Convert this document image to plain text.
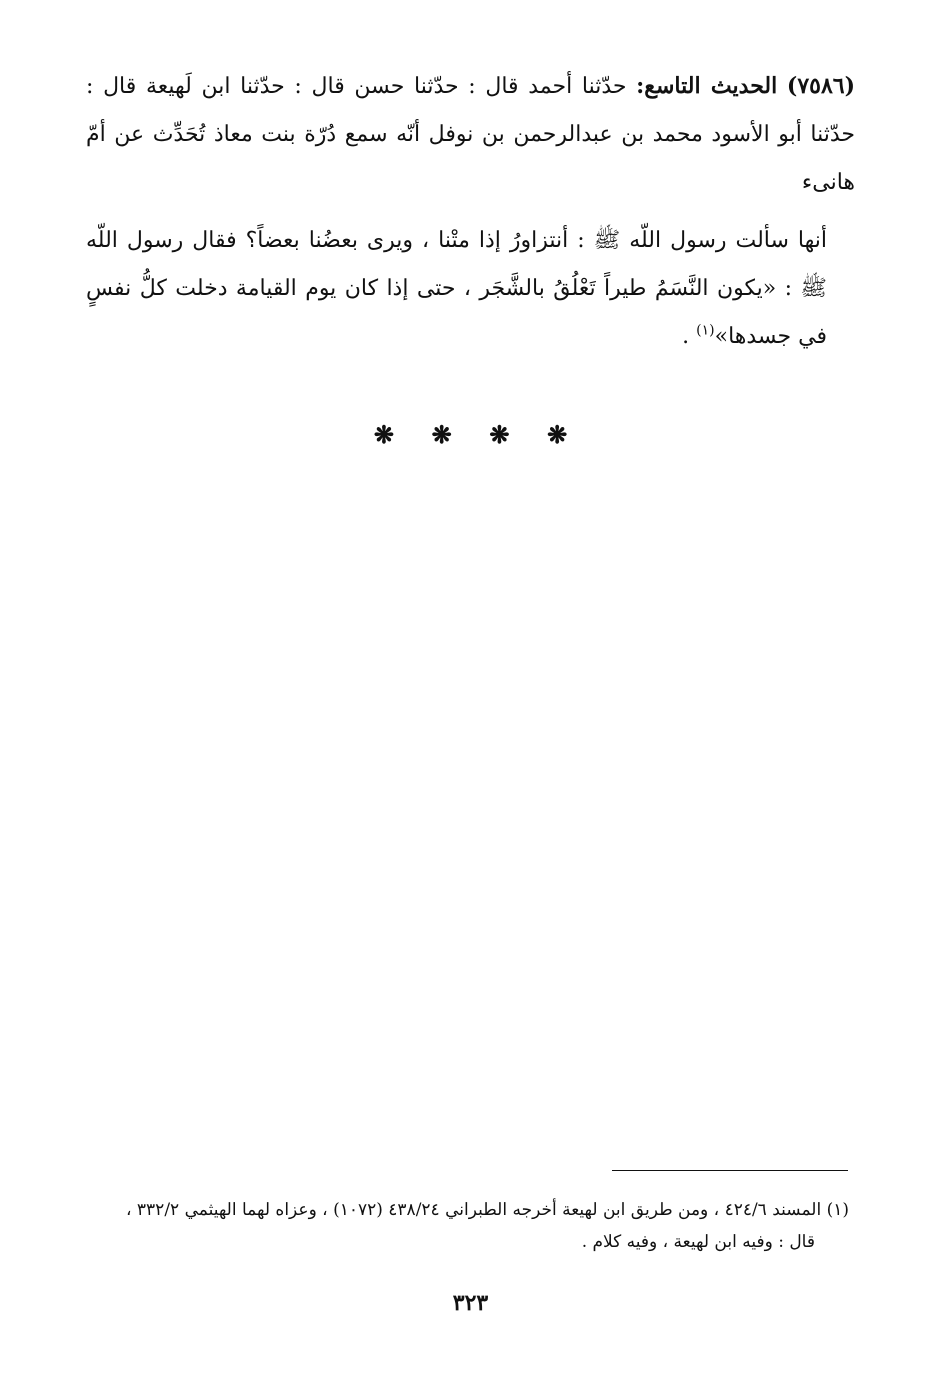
(٧٥٨٦) الحديث التاسع: حدّثنا أحمد قال : حدّثنا حسن قال : حدّثنا ابن لَهيعة قال : حدّثنا أبو الأسود محمد بن عبدالرحمن بن نوفل أنّه سمع دُرّة بنت معاذ تُحَدِّث عن أمّ هانىء

أنها سألت رسول اللّه ﷺ : أنتزاورُ إذا متْنا ، ويرى بعضُنا بعضاً؟ فقال رسول اللّه ﷺ : «يكون النَّسَمُ طيراً تَعْلُقُ بالشَّجَر ، حتى إذا كان يوم القيامة دخلت كلُّ نفسٍ في جسدها»$^{(١)}$ .

❋ ❋ ❋ ❋

(١) المسند ٤٢٤/٦ ، ومن طريق ابن لهيعة أخرجه الطبراني ٤٣٨/٢٤ (١٠٧٢) ، وعزاه لهما الهيثمي ٣٣٢/٢ ،

قال : وفيه ابن لهيعة ، وفيه كلام .

٣٢٣
